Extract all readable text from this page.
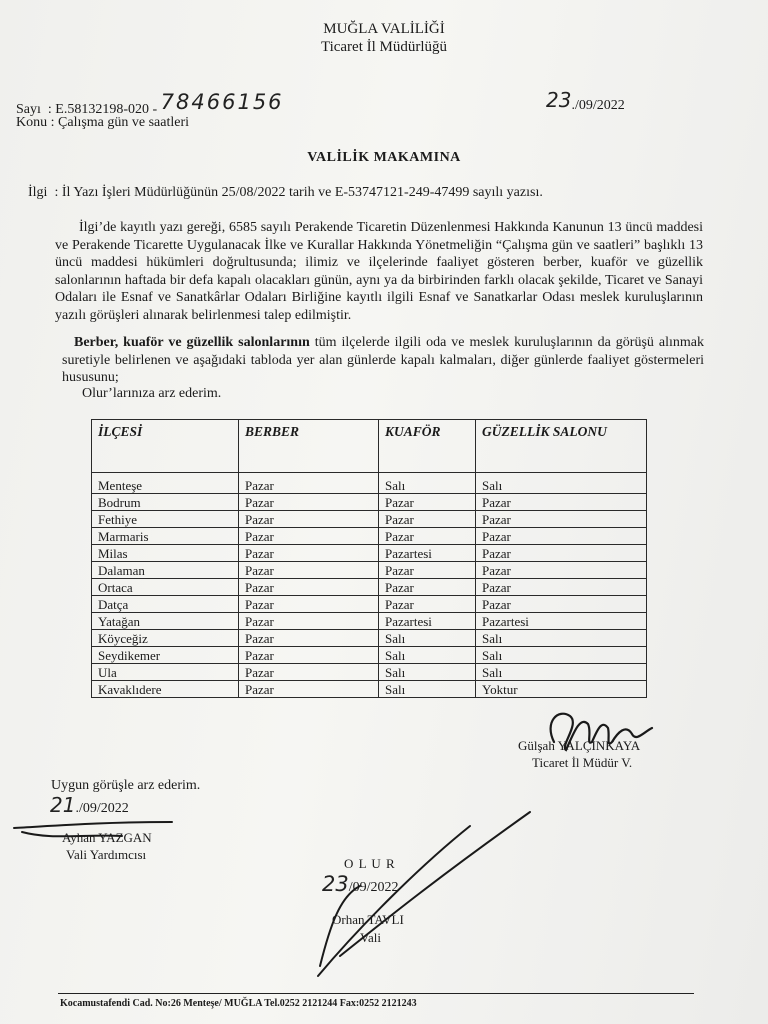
MUĞLA VALİLİĞİ
Ticaret İl Müdürlüğü
Sayı : E.58132198-020 - 78466156	23./09/2022
Konu : Çalışma gün ve saatleri
VALİLİK MAKAMINA
İlgi : İl Yazı İşleri Müdürlüğünün 25/08/2022 tarih ve E-53747121-249-47499 sayılı yazısı.
İlgi’de kayıtlı yazı gereği, 6585 sayılı Perakende Ticaretin Düzenlenmesi Hakkında Kanunun 13 üncü maddesi ve Perakende Ticarette Uygulanacak İlke ve Kurallar Hakkında Yönetmeliğin “Çalışma gün ve saatleri” başlıklı 13 üncü maddesi hükümleri doğrultusunda; ilimiz ve ilçelerinde faaliyet gösteren berber, kuaför ve güzellik salonlarının haftada bir defa kapalı olacakları günün, aynı ya da birbirinden farklı olacak şekilde, Ticaret ve Sanayi Odaları ile Esnaf ve Sanatkârlar Odaları Birliğine kayıtlı ilgili Esnaf ve Sanatkarlar Odası meslek kuruluşlarının yazılı görüşleri alınarak belirlenmesi talep edilmiştir.
Berber, kuaför ve güzellik salonlarının tüm ilçelerde ilgili oda ve meslek kuruluşlarının da görüşü alınmak suretiyle belirlenen ve aşağıdaki tabloda yer alan günlerde kapalı kalmaları, diğer günlerde faaliyet göstermeleri hususunu;
Olur’larınıza arz ederim.
İLÇESİ	BERBER	KUAFÖR	GÜZELLİK SALONU
Menteşe	Pazar	Salı	Salı
Bodrum	Pazar	Pazar	Pazar
Fethiye	Pazar	Pazar	Pazar
Marmaris	Pazar	Pazar	Pazar
Milas	Pazar	Pazartesi	Pazar
Dalaman	Pazar	Pazar	Pazar
Ortaca	Pazar	Pazar	Pazar
Datça	Pazar	Pazar	Pazar
Yatağan	Pazar	Pazartesi	Pazartesi
Köyceğiz	Pazar	Salı	Salı
Seydikemer	Pazar	Salı	Salı
Ula	Pazar	Salı	Salı
Kavaklıdere	Pazar	Salı	Yoktur
Gülşah YALÇINKAYA
Ticaret İl Müdür V.
Uygun görüşle arz ederim.
21./09/2022
Ayhan YAZGAN
Vali Yardımcısı
O L U R
23/09/2022
Orhan TAVLI
Vali
Kocamustafendi Cad. No:26 Menteşe/ MUĞLA Tel.0252 2121244 Fax:0252 2121243
